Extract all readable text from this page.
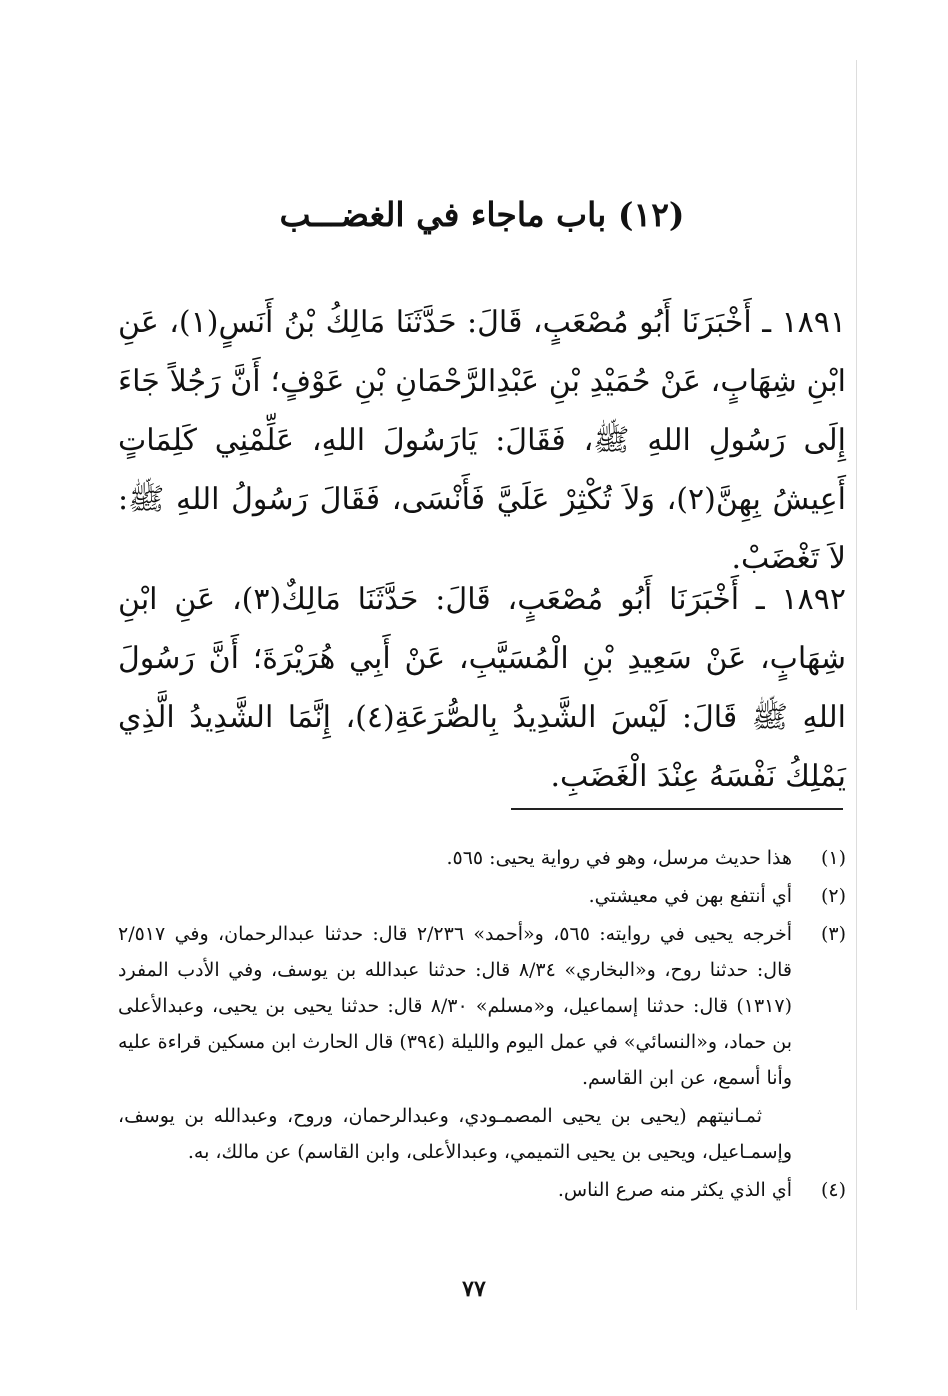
(١٢) باب ماجاء في الغضـــب
١٨٩١ ـ أَخْبَرَنَا أَبُو مُصْعَبٍ، قَالَ: حَدَّثَنَا مَالِكُ بْنُ أَنَسٍ(١)، عَنِ ابْنِ شِهَابٍ، عَنْ حُمَيْدِ بْنِ عَبْدِالرَّحْمَانِ بْنِ عَوْفٍ؛ أَنَّ رَجُلاً جَاءَ إِلَى رَسُولِ اللهِ ﷺ، فَقَالَ: يَارَسُولَ اللهِ، عَلِّمْنِي كَلِمَاتٍ أَعِيشُ بِهِنَّ(٢)، وَلاَ تُكْثِرْ عَلَيَّ فَأَنْسَى، فَقَالَ رَسُولُ اللهِ ﷺ: لاَ تَغْضَبْ.
١٨٩٢ ـ أَخْبَرَنَا أَبُو مُصْعَبٍ، قَالَ: حَدَّثَنَا مَالِكٌ(٣)، عَنِ ابْنِ شِهَابٍ، عَنْ سَعِيدِ بْنِ الْمُسَيَّبِ، عَنْ أَبِي هُرَيْرَةَ؛ أَنَّ رَسُولَ اللهِ ﷺ قَالَ: لَيْسَ الشَّدِيدُ بِالصُّرَعَةِ(٤)، إِنَّمَا الشَّدِيدُ الَّذِي يَمْلِكُ نَفْسَهُ عِنْدَ الْغَضَبِ.
(١)
هذا حديث مرسل، وهو في رواية يحيى: ٥٦٥.
(٢)
أي أنتفع بهن في معيشتي.
(٣)
أخرجه يحيى في روايته: ٥٦٥، و«أحمد» ٢/٢٣٦ قال: حدثنا عبدالرحمان، وفي ٢/٥١٧ قال: حدثنا روح، و«البخاري» ٨/٣٤ قال: حدثنا عبدالله بن يوسف، وفي الأدب المفرد (١٣١٧) قال: حدثنا إسماعيل، و«مسلم» ٨/٣٠ قال: حدثنا يحيى بن يحيى، وعبدالأعلى بن حماد، و«النسائي» في عمل اليوم والليلة (٣٩٤) قال الحارث ابن مسكين قراءة عليه وأنا أسمع، عن ابن القاسم.
ثمـانيتهم (يحيى بن يحيى المصمـودي، وعبدالرحمان، وروح، وعبدالله بن يوسف، وإسمـاعيل، ويحيى بن يحيى التميمي، وعبدالأعلى، وابن القاسم) عن مالك، به.
(٤)
أي الذي يكثر منه صرع الناس.
٧٧
